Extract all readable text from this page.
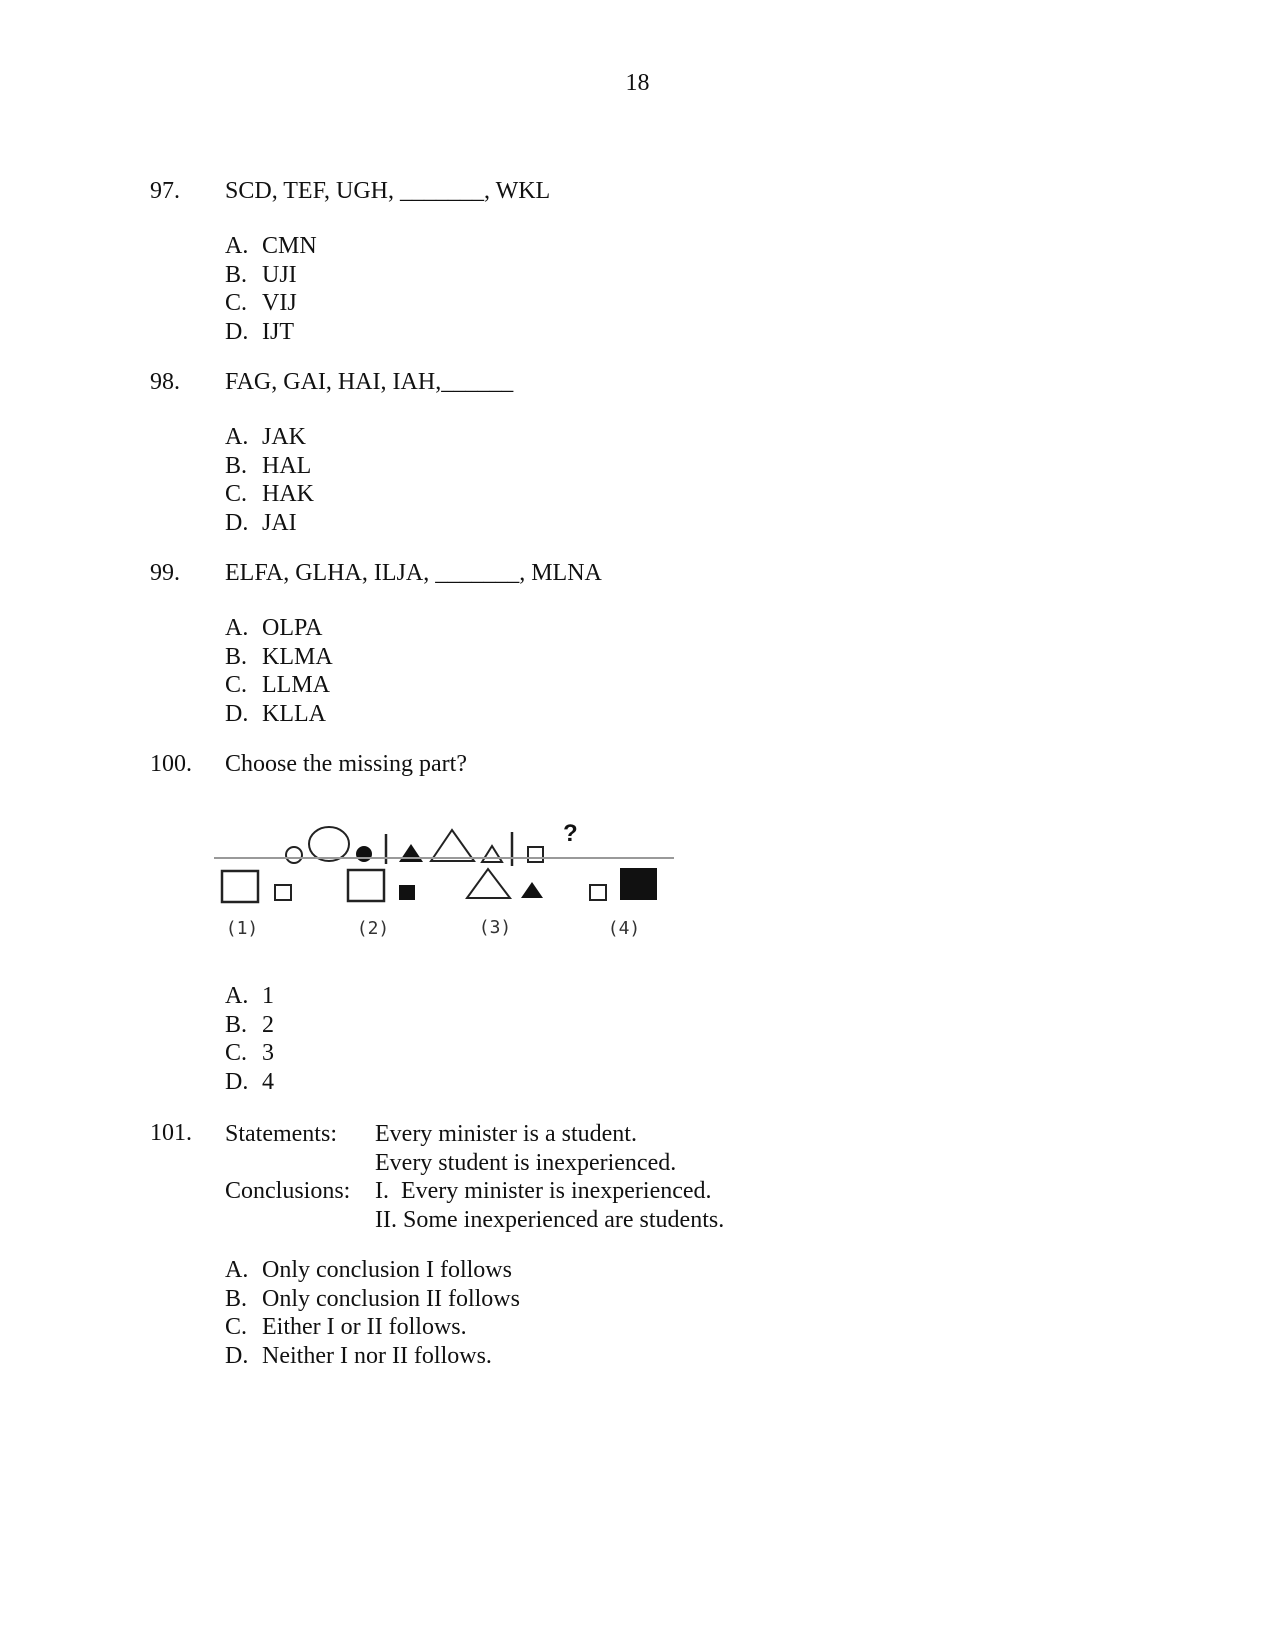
18
97. SCD, TEF, UGH, _______, WKL
A. CMN
B. UJI
C. VIJ
D. IJT
98. FAG, GAI, HAI, IAH,______
A. JAK
B. HAL
C. HAK
D. JAI
99. ELFA, GLHA, ILJA, _______, MLNA
A. OLPA
B. KLMA
C. LLMA
D. KLLA
100. Choose the missing part?
A. 1
B. 2
C. 3
D. 4
?
(1)	(2)	(3)	(4)
101. Statements:	Every minister is a student.
	Every student is inexperienced.
Conclusions:	I.  Every minister is inexperienced.
	II. Some inexperienced are students.
A. Only conclusion I follows
B. Only conclusion II follows
C. Either I or II follows.
D. Neither I nor II follows.
